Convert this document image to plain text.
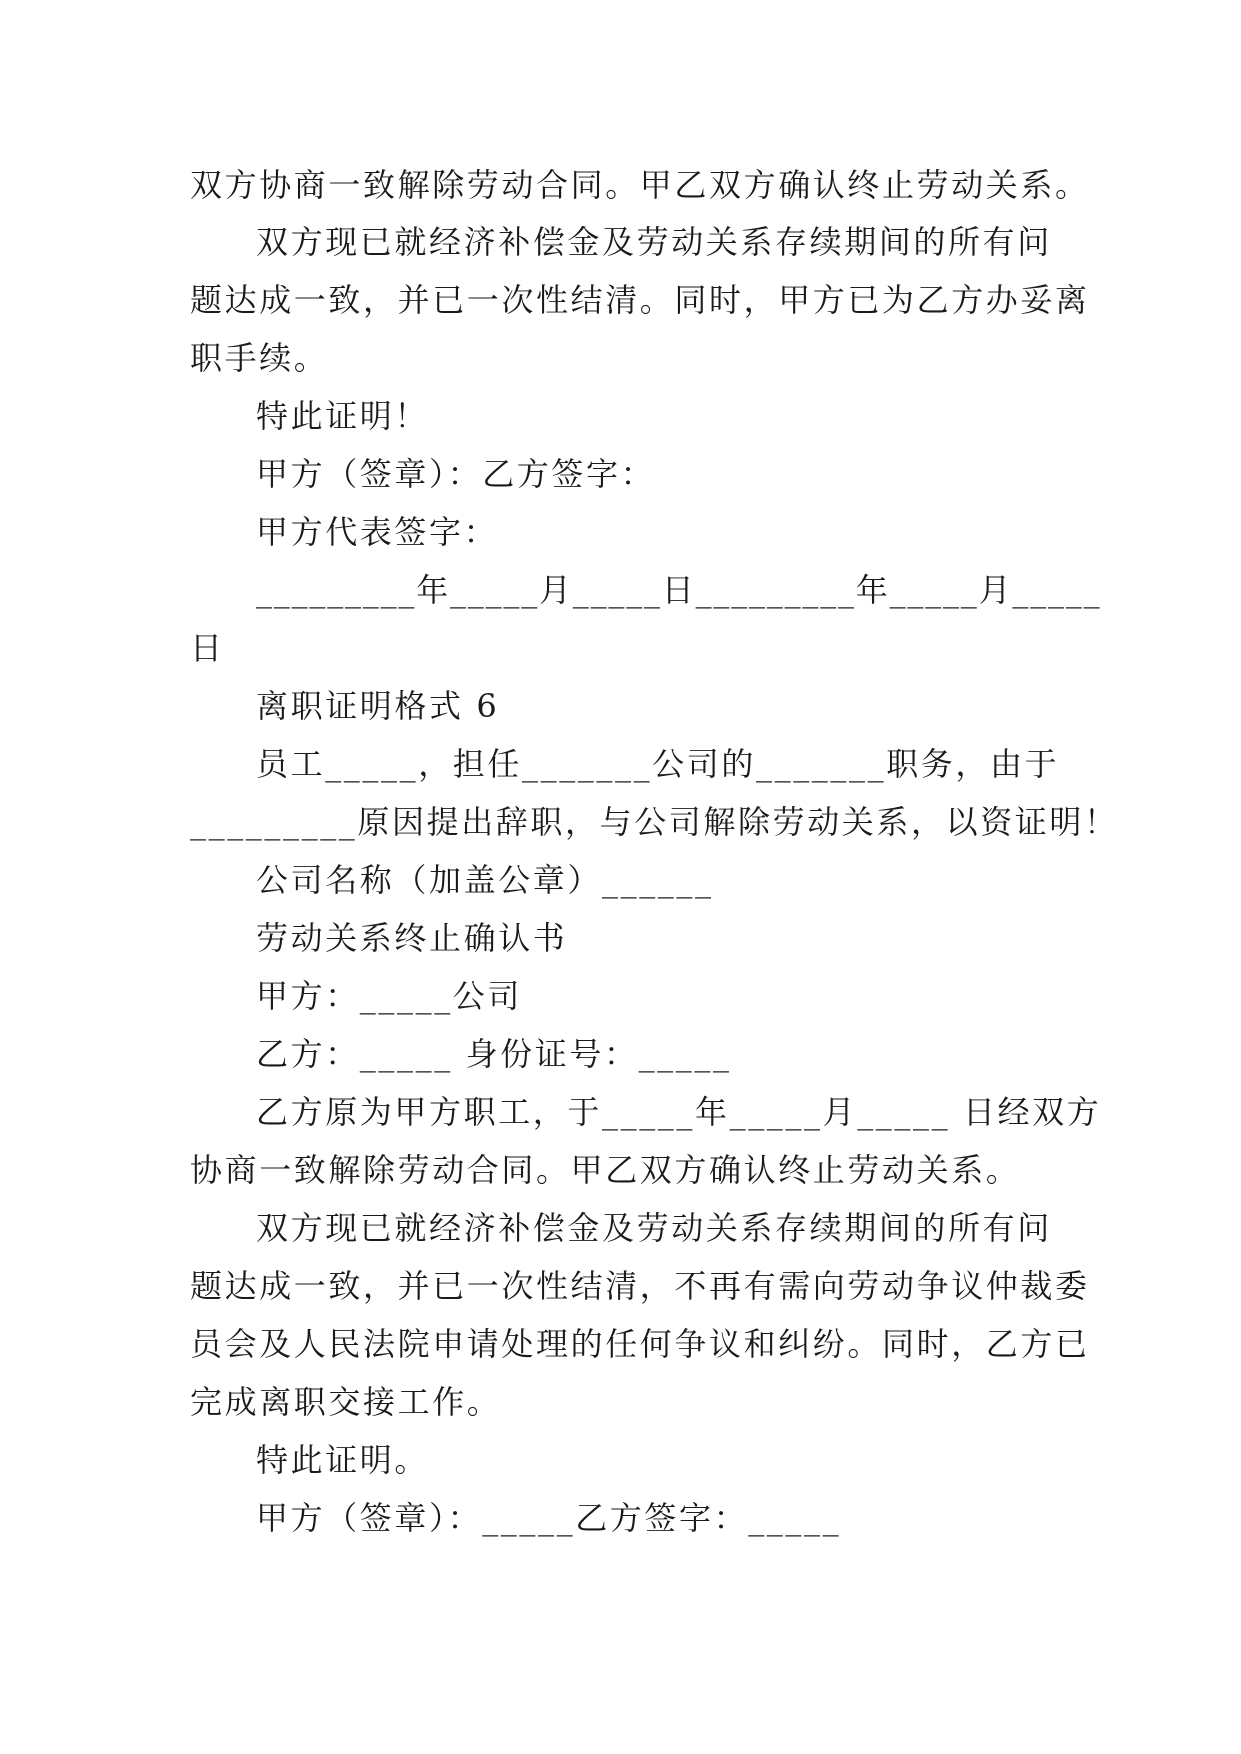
双方协商一致解除劳动合同。甲乙双方确认终止劳动关系。
双方现已就经济补偿金及劳动关系存续期间的所有问
题达成一致，并已一次性结清。同时，甲方已为乙方办妥离
职手续。
特此证明！
甲方（签章）：乙方签字：
甲方代表签字：
_________年_____月_____日_________年_____月_____
日
离职证明格式 6
员工_____，担任_______公司的_______职务，由于
_________原因提出辞职，与公司解除劳动关系，以资证明！
公司名称（加盖公章）______
劳动关系终止确认书
甲方：_____公司
乙方：_____ 身份证号：_____
乙方原为甲方职工，于_____年_____月_____ 日经双方
协商一致解除劳动合同。甲乙双方确认终止劳动关系。
双方现已就经济补偿金及劳动关系存续期间的所有问
题达成一致，并已一次性结清，不再有需向劳动争议仲裁委
员会及人民法院申请处理的任何争议和纠纷。同时，乙方已
完成离职交接工作。
特此证明。
甲方（签章）：_____乙方签字：_____
